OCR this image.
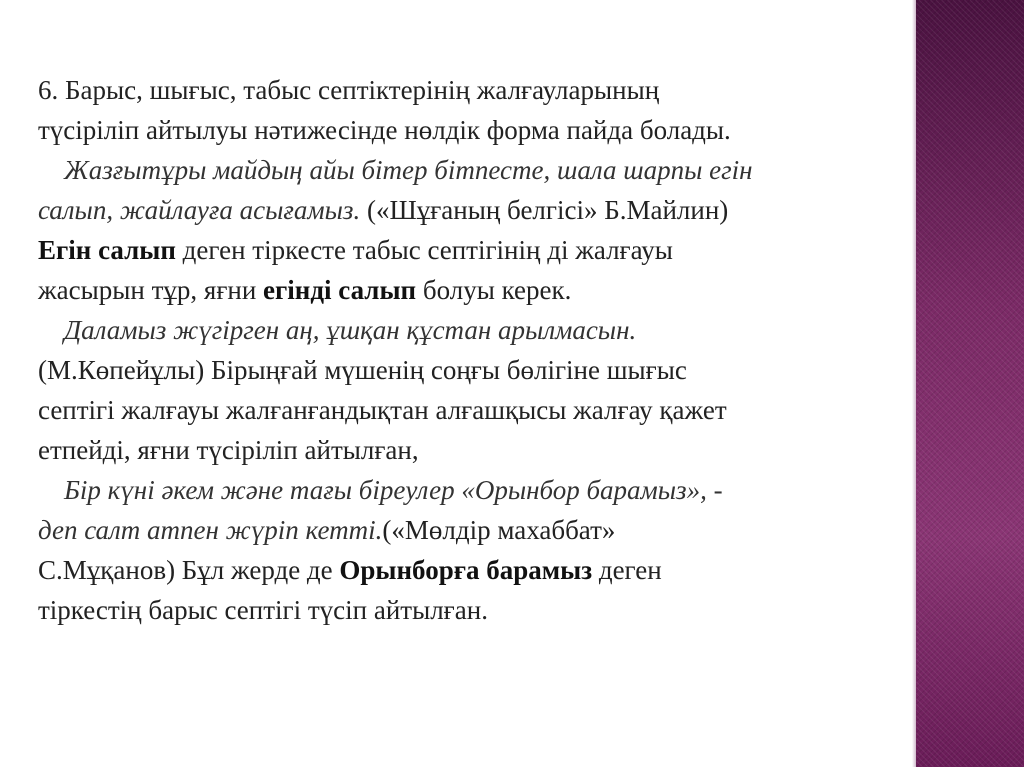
6. Барыс, шығыс, табыс септіктерінің жалғауларының
түсіріліп айтылуы нәтижесінде нөлдік форма пайда болады.

Жазғытұры майдың айы бітер бітпесте, шала шарпы егін
салып, жайлауға асығамыз. («Шұғаның белгісі» Б.Майлин)
Егін салып деген тіркесте табыс септігінің ді жалғауы
жасырын тұр, яғни егінді салып болуы керек.

Даламыз жүгірген аң, ұшқан құстан арылмасын.
(М.Көпейұлы) Бірыңғай мүшенің соңғы бөлігіне шығыс
септігі жалғауы жалғанғандықтан алғашқысы жалғау қажет
етпейді, яғни түсіріліп айтылған,

Бір күні әкем және тағы біреулер «Орынбор барамыз», -
деп салт атпен жүріп кетті.(«Мөлдір махаббат»
С.Мұқанов) Бұл жерде де Орынборға барамыз деген
тіркестің барыс септігі түсіп айтылған.
